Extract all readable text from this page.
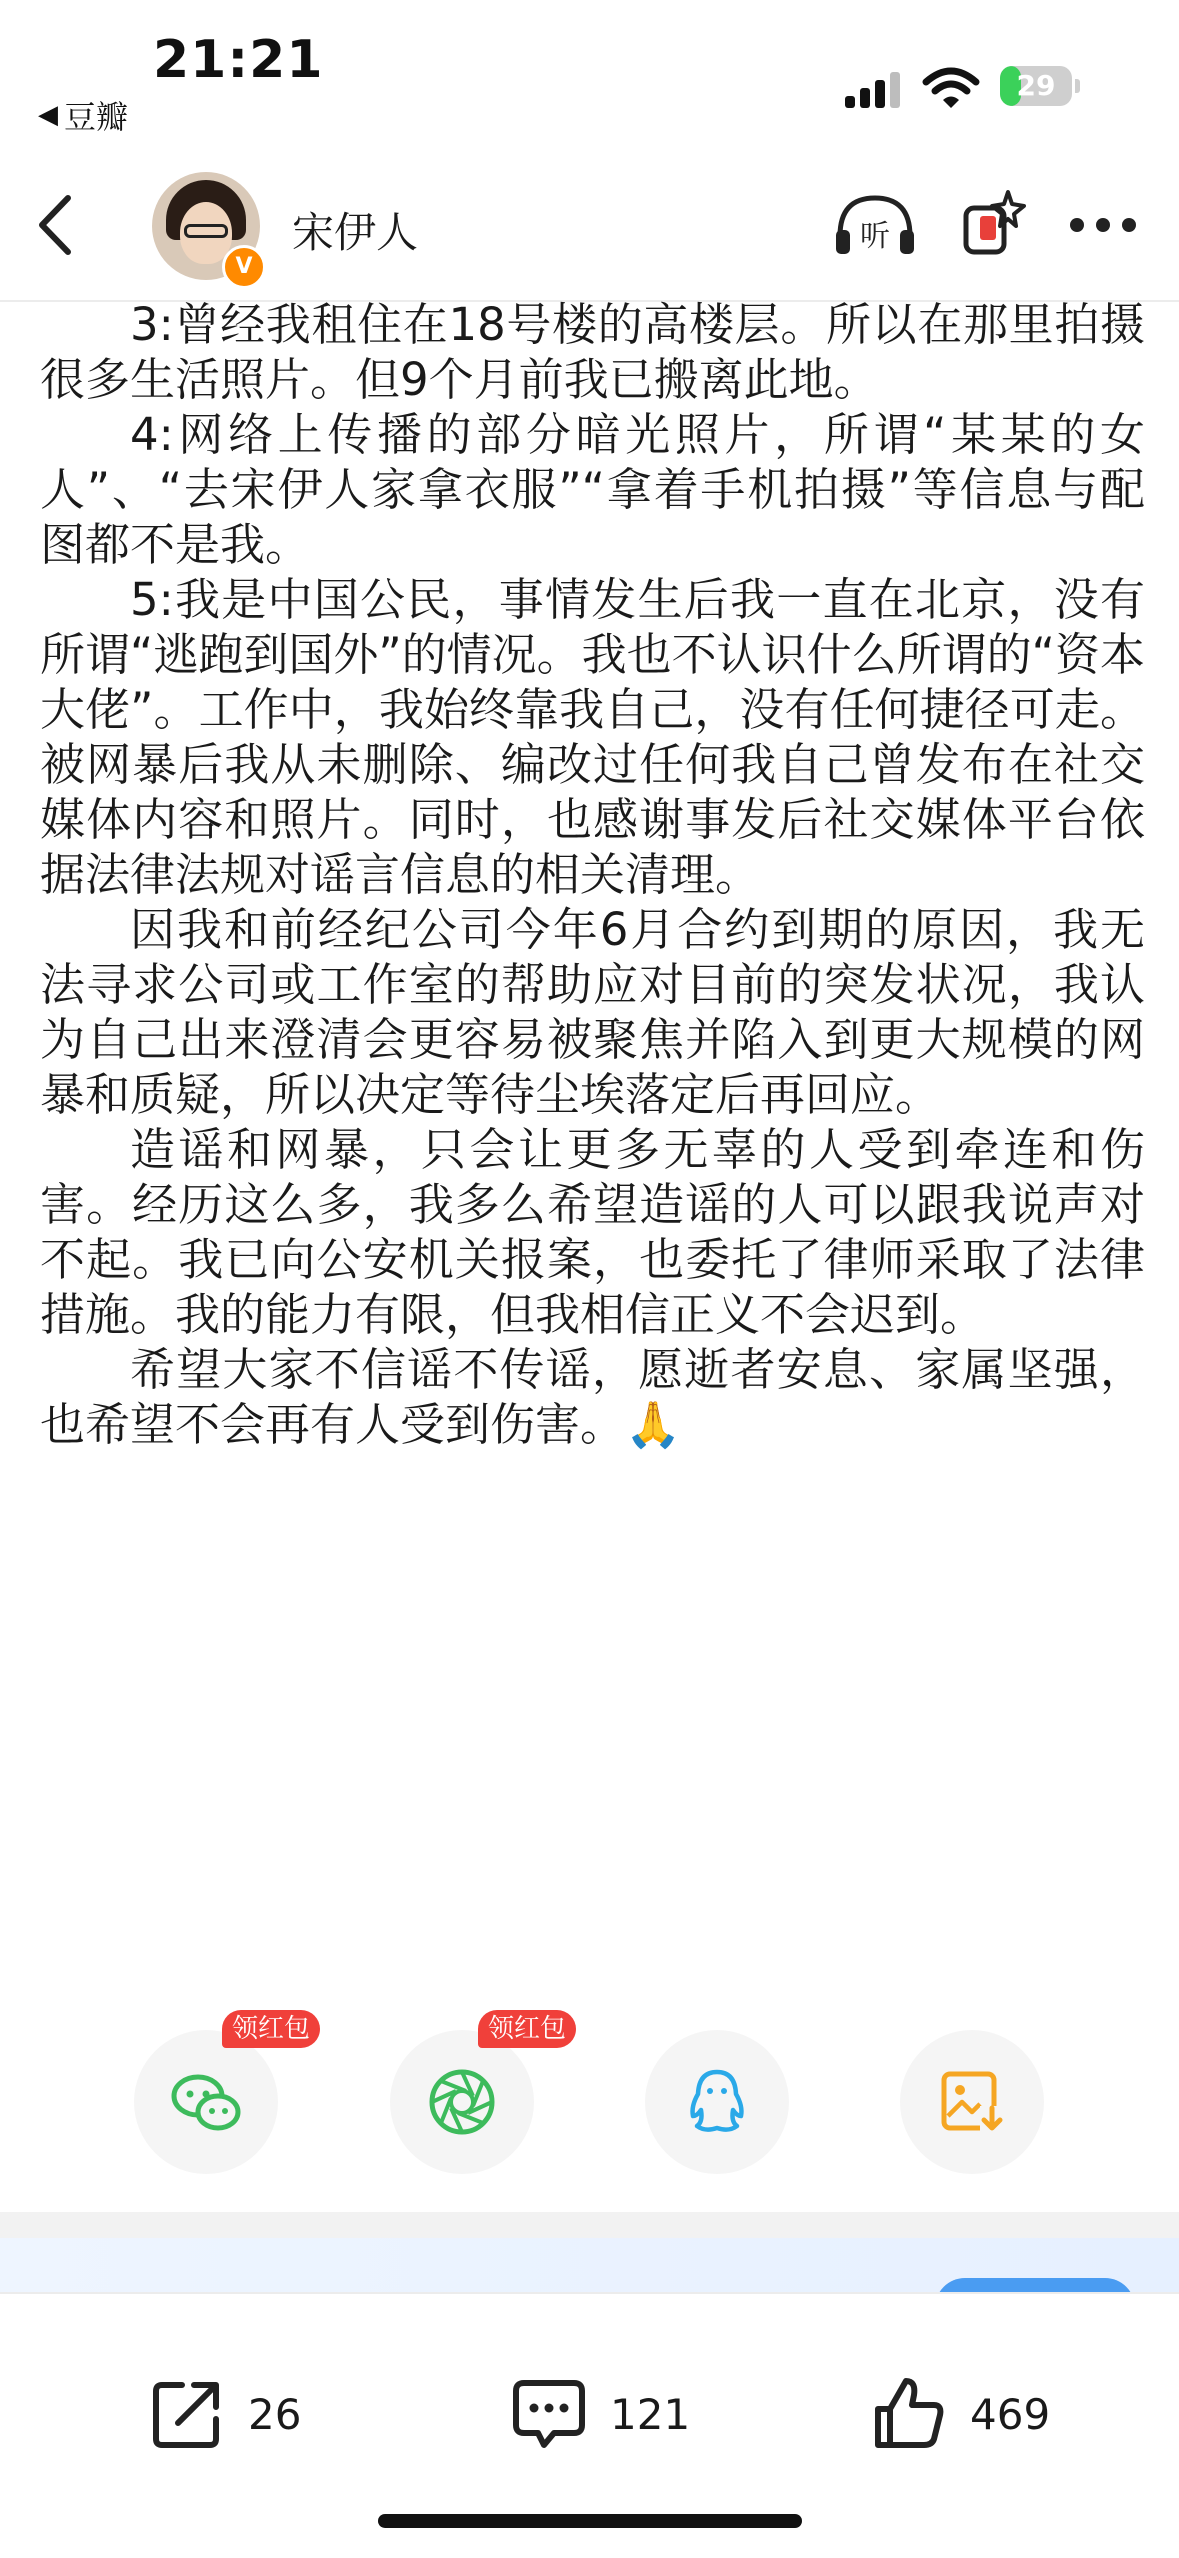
21:21
◀ 豆瓣
29
V
宋伊人	听

3:曾经我租住在18号楼的高楼层。所以在那里拍摄很多生活照片。但9个月前我已搬离此地。

4:网络上传播的部分暗光照片，所谓“某某的女人”、“去宋伊人家拿衣服”“拿着手机拍摄”等信息与配图都不是我。

5:我是中国公民，事情发生后我一直在北京，没有所谓“逃跑到国外”的情况。我也不认识什么所谓的“资本大佬”。工作中，我始终靠我自己，没有任何捷径可走。被网暴后我从未删除、编改过任何我自己曾发布在社交媒体内容和照片。同时，也感谢事发后社交媒体平台依据法律法规对谣言信息的相关清理。

因我和前经纪公司今年6月合约到期的原因，我无法寻求公司或工作室的帮助应对目前的突发状况，我认为自己出来澄清会更容易被聚焦并陷入到更大规模的网暴和质疑，所以决定等待尘埃落定后再回应。

造谣和网暴，只会让更多无辜的人受到牵连和伤害。经历这么多，我多么希望造谣的人可以跟我说声对不起。我已向公安机关报案，也委托了律师采取了法律措施。我的能力有限，但我相信正义不会迟到。

希望大家不信谣不传谣，愿逝者安息、家属坚强，也希望不会再有人受到伤害。🙏

领红包	领红包
26	121	469
